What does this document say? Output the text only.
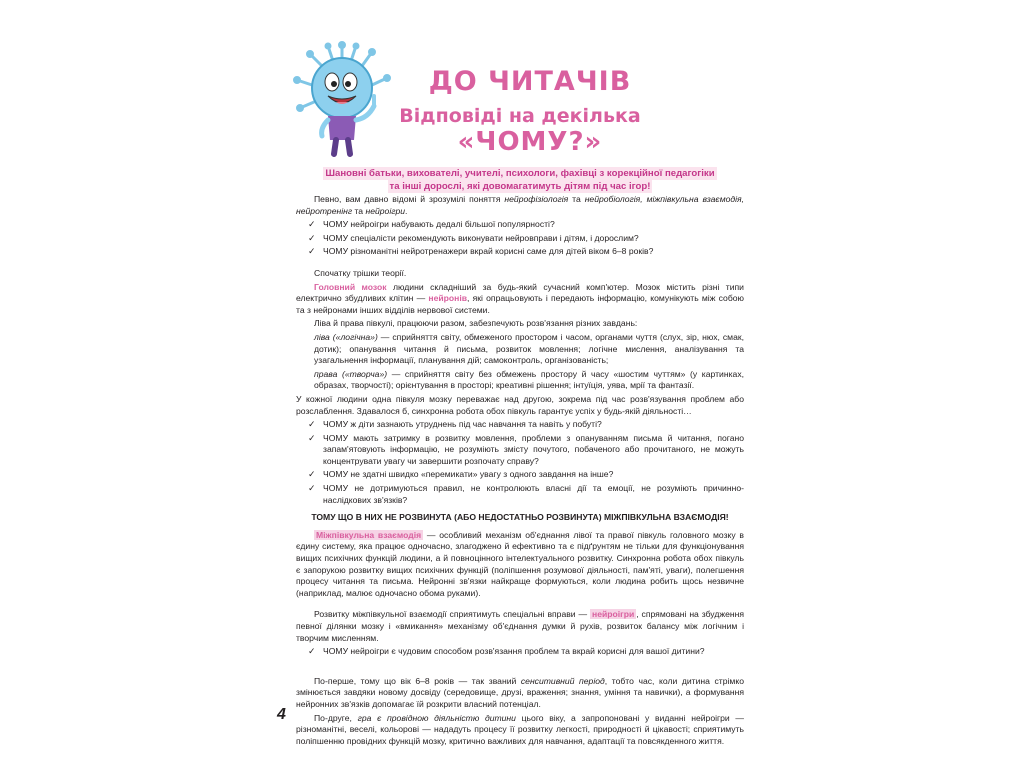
ДО ЧИТАЧІВ
Відповіді на декілька
«ЧОМУ?»
Шановні батьки, вихователі, учителі, психологи, фахівці з корекційної педагогіки
та інші дорослі, які довомагатимуть дітям під час ігор!

Певно, вам давно відомі й зрозумілі поняття нейрофізіологія та нейробіологія, міжпівкульна взаємодія, нейротренінг та нейроігри.

✓ ЧОМУ нейроігри набувають дедалі більшої популярності?
✓ ЧОМУ спеціалісти рекомендують виконувати нейровправи і дітям, і дорослим?
✓ ЧОМУ різноманітні нейротренажери вкрай корисні саме для дітей віком 6–8 років?

Спочатку трішки теорії.

Головний мозок людини складніший за будь-який сучасний комп'ютер. Мозок містить різні типи електрично збудливих клітин — нейронів, які опрацьовують і передають інформацію, комунікують між собою та з нейронами інших відділів нервової системи.

Ліва й права півкулі, працюючи разом, забезпечують розв'язання різних завдань:

ліва («логічна») — сприйняття світу, обмеженого простором і часом, органами чуття (слух, зір, нюх, смак, дотик); опанування читання й письма, розвиток мовлення; логічне мислення, аналізування та узагальнення інформації, планування дій; самоконтроль, організованість;

права («творча») — сприйняття світу без обмежень простору й часу «шостим чуттям» (у картинках, образах, творчості); орієнтування в просторі; креативні рішення; інтуїція, уява, мрії та фантазії.

У кожної людини одна півкуля мозку переважає над другою, зокрема під час розв'язування проблем або розслаблення. Здавалося б, синхронна робота обох півкуль гарантує успіх у будь-якій діяльності…

✓ ЧОМУ ж діти зазнають утруднень під час навчання та навіть у побуті?
✓ ЧОМУ мають затримку в розвитку мовлення, проблеми з опануванням письма й читання, погано запам'ятовують інформацію, не розуміють змісту почутого, побаченого або прочитаного, не можуть концентрувати увагу чи завершити розпочату справу?
✓ ЧОМУ не здатні швидко «перемикати» увагу з одного завдання на інше?
✓ ЧОМУ не дотримуються правил, не контролюють власні дії та емоції, не розуміють причинно-наслідкових зв'язків?

ТОМУ ЩО В НИХ НЕ РОЗВИНУТА (АБО НЕДОСТАТНЬО РОЗВИНУТА) МІЖПІВКУЛЬНА ВЗАЄМОДІЯ!

Міжпівкульна взаємодія — особливий механізм об'єднання лівої та правої півкуль головного мозку в єдину систему, яка працює одночасно, злагоджено й ефективно та є підґрунтям не тільки для функціонування вищих психічних функцій людини, а й повноцінного інтелектуального розвитку. Синхронна робота обох півкуль є запорукою розвитку вищих психічних функцій (поліпшення розумової діяльності, пам'яті, уваги), полегшення процесу читання та письма. Нейронні зв'язки найкраще формуються, коли людина робить щось незвичне (наприклад, малює одночасно обома руками).

Розвитку міжпівкульної взаємодії сприятимуть спеціальні вправи — нейроігри , спрямовані на збудження певної ділянки мозку і «вмикання» механізму об'єднання думки й рухів, розвиток балансу між логічним і творчим мисленням.

✓ ЧОМУ нейроігри є чудовим способом розв'язання проблем та вкрай корисні для вашої дитини?

По-перше, тому що вік 6–8 років — так званий сенситивний період, тобто час, коли дитина стрімко змінюється завдяки новому досвіду (середовище, друзі, враження; знання, уміння та навички), а формування нейронних зв'язків допомагає їй розкрити власний потенціал.

По-друге, гра є провідною діяльністю дитини цього віку, а запропоновані у виданні нейроігри — різноманітні, веселі, кольорові — нададуть процесу її розвитку легкості, природності й цікавості; сприятимуть поліпшенню провідних функцій мозку, критично важливих для навчання, адаптації та повсякденного життя.

4
